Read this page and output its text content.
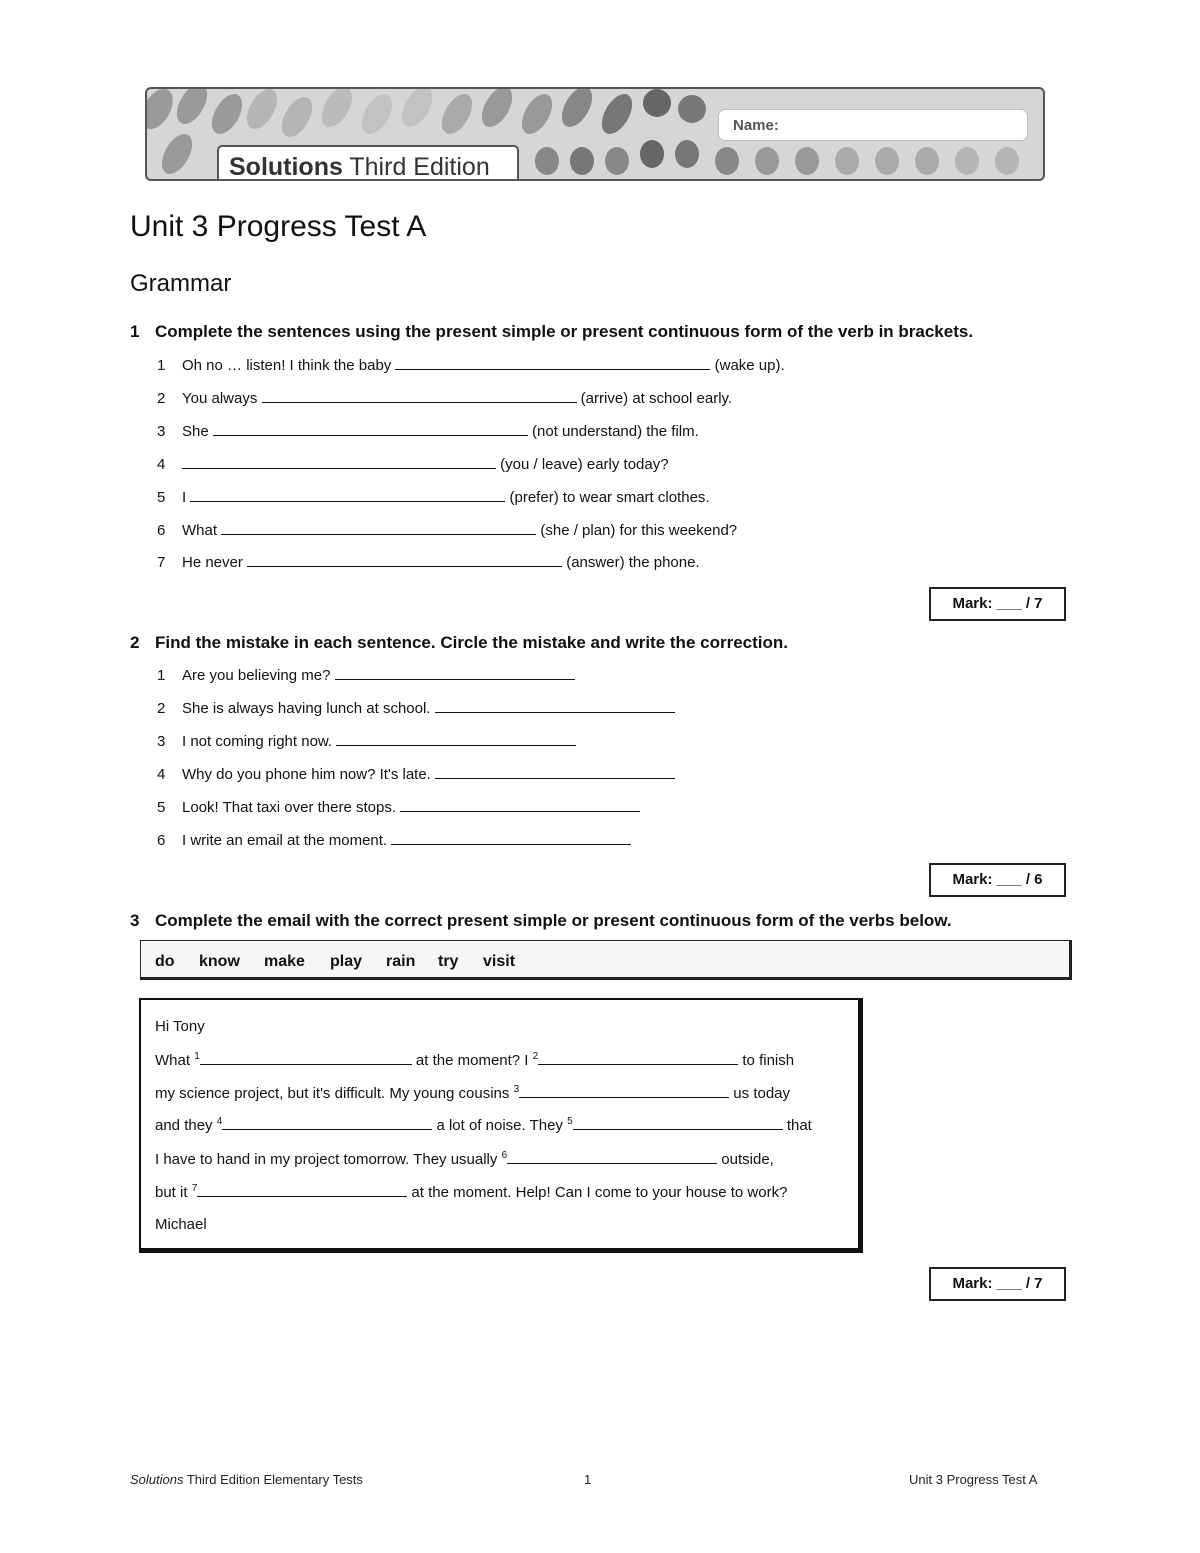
Name:
Solutions Third Edition
Unit 3 Progress Test A
Grammar
1 Complete the sentences using the present simple or present continuous form of the verb in brackets.
1 Oh no … listen! I think the baby	(wake up).
2 You always	(arrive) at school early.
3 She	(not understand) the film.
4	(you / leave) early today?
5 I	(prefer) to wear smart clothes.
6 What	(she / plan) for this weekend?
7 He never	(answer) the phone.
Mark: ___ / 7
2 Find the mistake in each sentence. Circle the mistake and write the correction.
1 Are you believing me?
2 She is always having lunch at school.
3 I not coming right now.
4 Why do you phone him now? It's late.
5 Look! That taxi over there stops.
6 I write an email at the moment.
Mark: ___ / 6
3 Complete the email with the correct present simple or present continuous form of the verbs below.
do know make play rain try visit
Hi Tony
What $^1$	at the moment? I $^2$	to finish
my science project, but it's difficult. My young cousins $^3$	us today
and they $^4$	a lot of noise. They $^5$	that
I have to hand in my project tomorrow. They usually $^6$	outside,
but it $^7$	at the moment. Help! Can I come to your house to work?
Michael
Mark: ___ / 7
Solutions Third Edition Elementary Tests	1	Unit 3 Progress Test A
